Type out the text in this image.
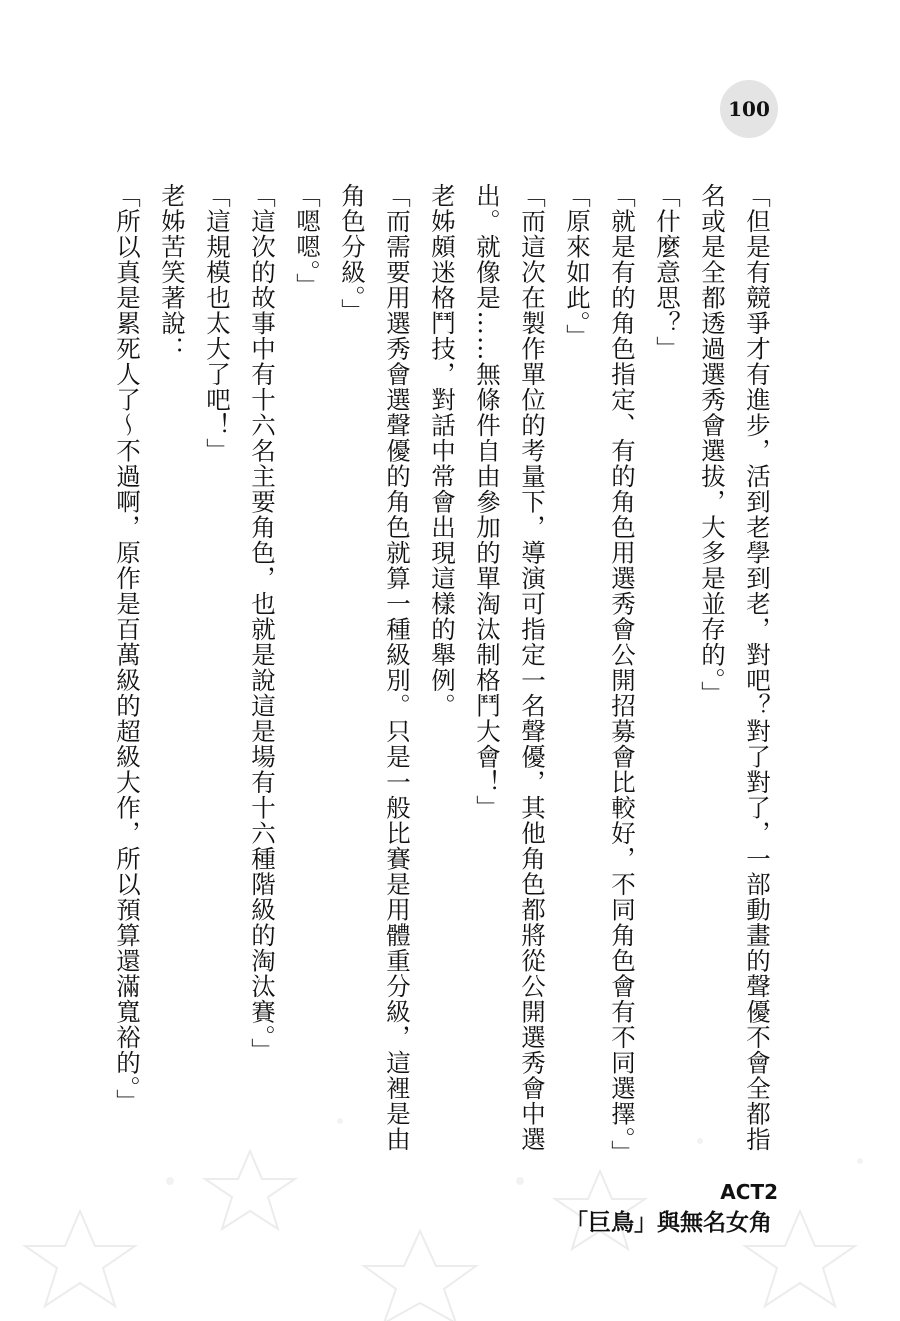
100
「但是有競爭才有進步，活到老學到老，對吧？對了對了，一部動畫的聲優不會全都指
名或是全都透過選秀會選拔，大多是並存的。」
「什麼意思？」
「就是有的角色指定、有的角色用選秀會公開招募會比較好，不同角色會有不同選擇。」
「原來如此。」
「而這次在製作單位的考量下，導演可指定一名聲優，其他角色都將從公開選秀會中選
出。就像是……無條件自由參加的單淘汰制格鬥大會！」
老姊頗迷格鬥技，對話中常會出現這樣的舉例。
「而需要用選秀會選聲優的角色就算一種級別。只是一般比賽是用體重分級，這裡是由
角色分級。」
「嗯嗯。」
「這次的故事中有十六名主要角色，也就是說這是場有十六種階級的淘汰賽。」
「這規模也太大了吧！」
老姊苦笑著說：
「所以真是累死人了～不過啊，原作是百萬級的超級大作，所以預算還滿寬裕的。」
ACT2
「巨鳥」與無名女角
